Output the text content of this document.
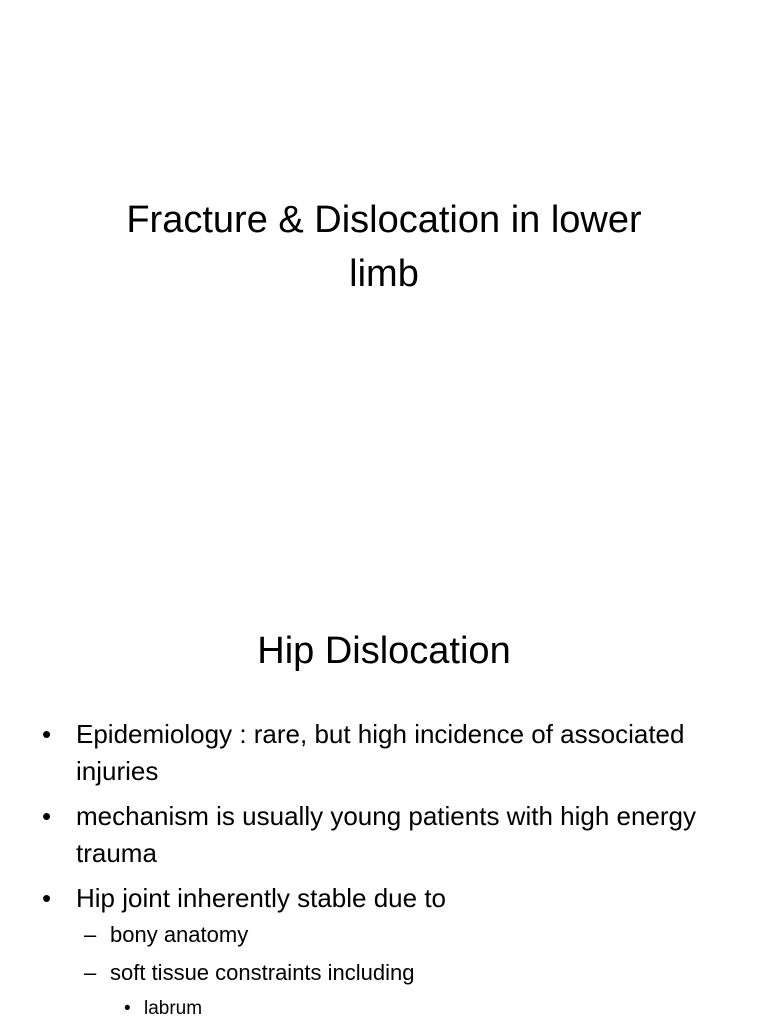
Fracture & Dislocation in lower
limb
Hip Dislocation
• Epidemiology : rare, but high incidence of associated injuries
• mechanism is usually young patients with high energy trauma
• Hip joint inherently stable due to
– bony anatomy
– soft tissue constraints including
• labrum
